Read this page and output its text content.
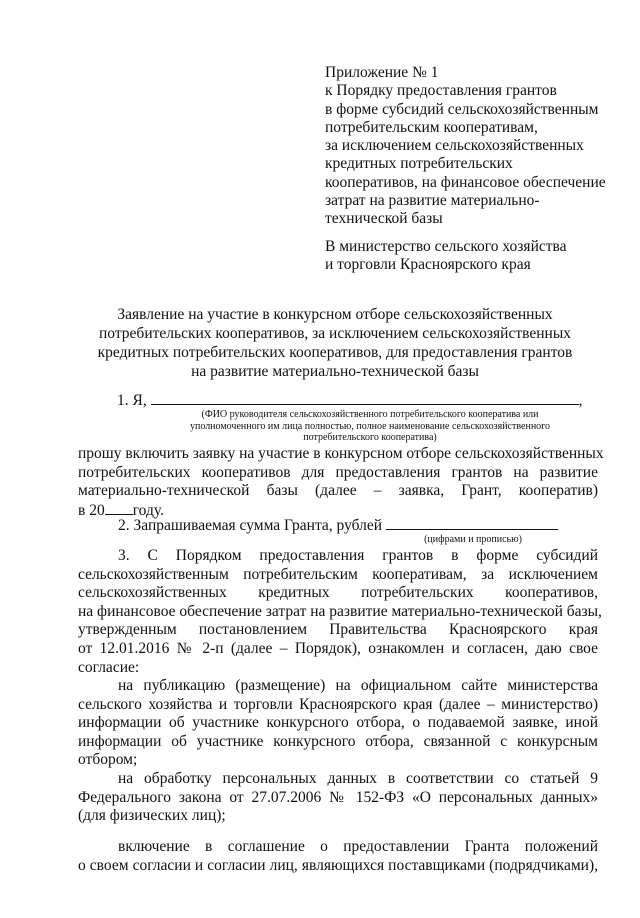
Приложение № 1
к Порядку предоставления грантов
в форме субсидий сельскохозяйственным
потребительским кооперативам,
за исключением сельскохозяйственных
кредитных потребительских
кооперативов, на финансовое обеспечение
затрат на развитие материально-
технической базы
В министерство сельского хозяйства
и торговли Красноярского края
Заявление на участие в конкурсном отборе сельскохозяйственных
потребительских кооперативов, за исключением сельскохозяйственных
кредитных потребительских кооперативов, для предоставления грантов
на развитие материально-технической базы
1. Я,	,
(ФИО руководителя сельскохозяйственного потребительского кооператива или
уполномоченного им лица полностью, полное наименование сельскохозяйственного
потребительского кооператива)
прошу включить заявку на участие в конкурсном отборе сельскохозяйственных
потребительских кооперативов для предоставления грантов на развитие
материально-технической базы (далее – заявка, Грант, кооператив)
в 20 году.
2. Запрашиваемая сумма Гранта, рублей
(цифрами и прописью)
3. С Порядком предоставления грантов в форме субсидий
сельскохозяйственным потребительским кооперативам, за исключением
сельскохозяйственных кредитных потребительских кооперативов,
на финансовое обеспечение затрат на развитие материально-технической базы,
утвержденным постановлением Правительства Красноярского края
от 12.01.2016 № 2-п (далее – Порядок), ознакомлен и согласен, даю свое
согласие:
на публикацию (размещение) на официальном сайте министерства
сельского хозяйства и торговли Красноярского края (далее – министерство)
информации об участнике конкурсного отбора, о подаваемой заявке, иной
информации об участнике конкурсного отбора, связанной с конкурсным
отбором;
на обработку персональных данных в соответствии со статьей 9
Федерального закона от 27.07.2006 № 152-ФЗ «О персональных данных»
(для физических лиц);
включение в соглашение о предоставлении Гранта положений
о своем согласии и согласии лиц, являющихся поставщиками (подрядчиками),
